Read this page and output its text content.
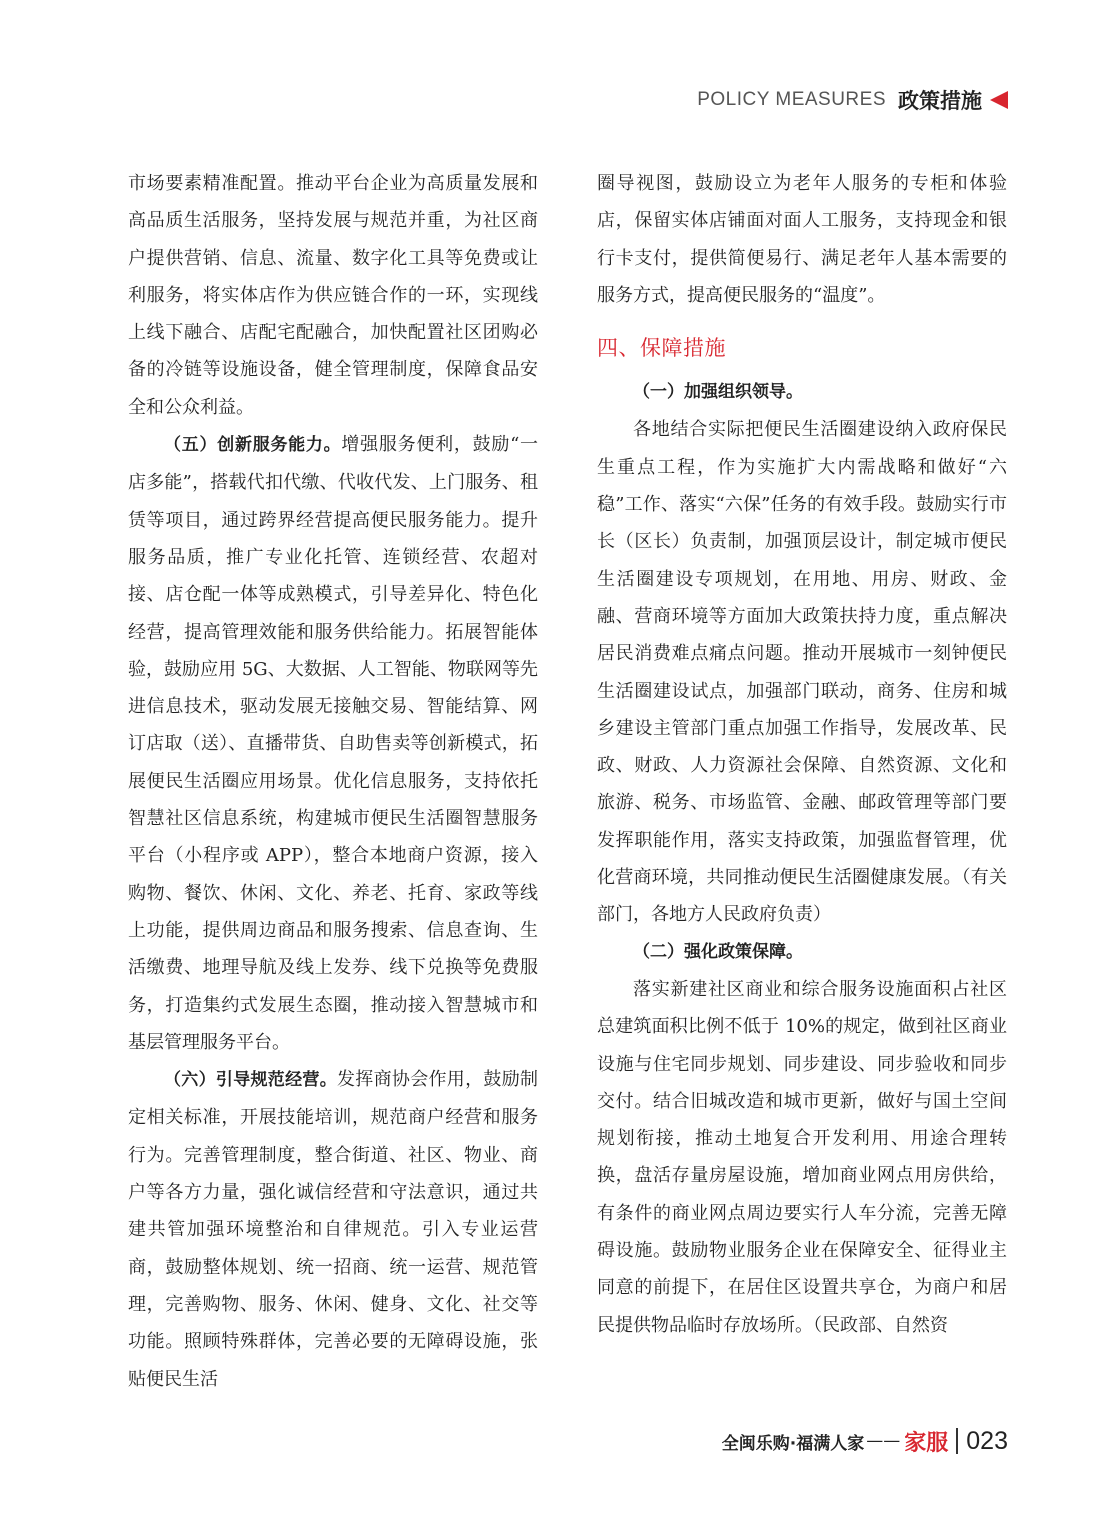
POLICY MEASURES 政策措施

市场要素精准配置。推动平台企业为高质量发展和高品质生活服务，坚持发展与规范并重，为社区商户提供营销、信息、流量、数字化工具等免费或让利服务，将实体店作为供应链合作的一环，实现线上线下融合、店配宅配融合，加快配置社区团购必备的冷链等设施设备，健全管理制度，保障食品安全和公众利益。

（五）创新服务能力。增强服务便利，鼓励“一店多能”，搭载代扣代缴、代收代发、上门服务、租赁等项目，通过跨界经营提高便民服务能力。提升服务品质，推广专业化托管、连锁经营、农超对接、店仓配一体等成熟模式，引导差异化、特色化经营，提高管理效能和服务供给能力。拓展智能体验，鼓励应用 5G、大数据、人工智能、物联网等先进信息技术，驱动发展无接触交易、智能结算、网订店取（送）、直播带货、自助售卖等创新模式，拓展便民生活圈应用场景。优化信息服务，支持依托智慧社区信息系统，构建城市便民生活圈智慧服务平台（小程序或 APP），整合本地商户资源，接入购物、餐饮、休闲、文化、养老、托育、家政等线上功能，提供周边商品和服务搜索、信息查询、生活缴费、地理导航及线上发券、线下兑换等免费服务，打造集约式发展生态圈，推动接入智慧城市和基层管理服务平台。

（六）引导规范经营。发挥商协会作用，鼓励制定相关标准，开展技能培训，规范商户经营和服务行为。完善管理制度，整合街道、社区、物业、商户等各方力量，强化诚信经营和守法意识，通过共建共管加强环境整治和自律规范。引入专业运营商，鼓励整体规划、统一招商、统一运营、规范管理，完善购物、服务、休闲、健身、文化、社交等功能。照顾特殊群体，完善必要的无障碍设施，张贴便民生活

圈导视图，鼓励设立为老年人服务的专柜和体验店，保留实体店铺面对面人工服务，支持现金和银行卡支付，提供简便易行、满足老年人基本需要的服务方式，提高便民服务的“温度”。

四、保障措施

（一）加强组织领导。

各地结合实际把便民生活圈建设纳入政府保民生重点工程，作为实施扩大内需战略和做好“六稳”工作、落实“六保”任务的有效手段。鼓励实行市长（区长）负责制，加强顶层设计，制定城市便民生活圈建设专项规划，在用地、用房、财政、金融、营商环境等方面加大政策扶持力度，重点解决居民消费难点痛点问题。推动开展城市一刻钟便民生活圈建设试点，加强部门联动，商务、住房和城乡建设主管部门重点加强工作指导，发展改革、民政、财政、人力资源社会保障、自然资源、文化和旅游、税务、市场监管、金融、邮政管理等部门要发挥职能作用，落实支持政策，加强监督管理，优化营商环境，共同推动便民生活圈健康发展。（有关部门，各地方人民政府负责）

（二）强化政策保障。

落实新建社区商业和综合服务设施面积占社区总建筑面积比例不低于 10%的规定，做到社区商业设施与住宅同步规划、同步建设、同步验收和同步交付。结合旧城改造和城市更新，做好与国土空间规划衔接，推动土地复合开发利用、用途合理转换，盘活存量房屋设施，增加商业网点用房供给，有条件的商业网点周边要实行人车分流，完善无障碍设施。鼓励物业服务企业在保障安全、征得业主同意的前提下，在居住区设置共享仓，为商户和居民提供物品临时存放场所。（民政部、自然资

全闽乐购·福满人家 —— 家服 023
